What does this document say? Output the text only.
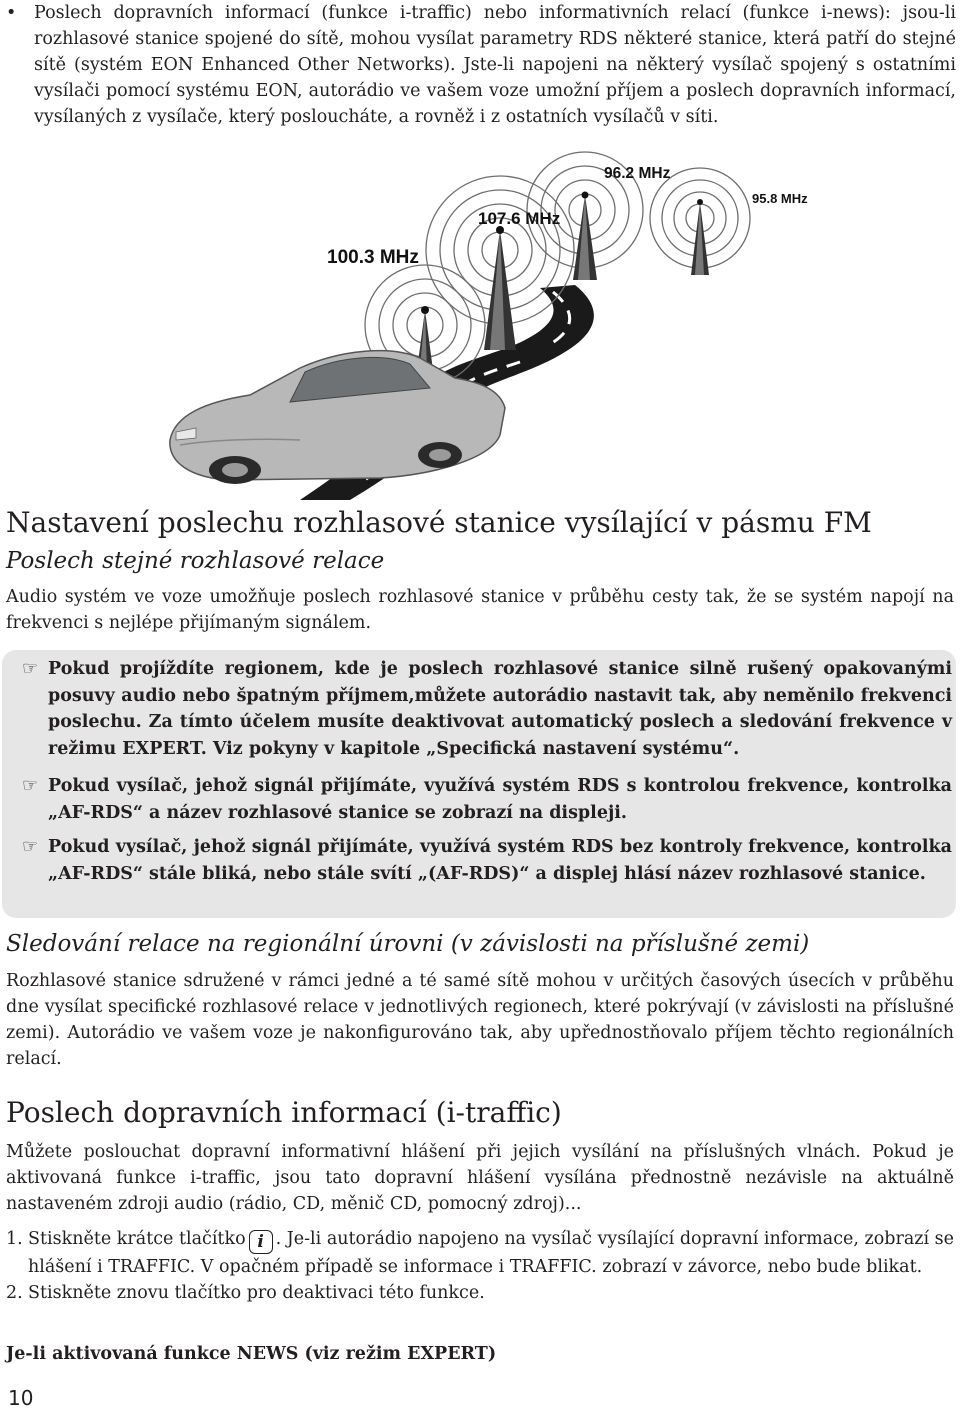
• Poslech dopravních informací (funkce i-traffic) nebo informativních relací (funkce i-news): jsou-li rozhlasové stanice spojené do sítě, mohou vysílat parametry RDS některé stanice, která patří do stejné sítě (systém EON Enhanced Other Networks). Jste-li napojeni na některý vysílač spojený s ostatními vysílači pomocí systému EON, autorádio ve vašem voze umožní příjem a poslech dopravních informací, vysílaných z vysílače, který posloucháte, a rovněž i z ostatních vysílačů v síti.

100.3 MHz
107.6 MHz
96.2 MHz
95.8 MHz
Nastavení poslechu rozhlasové stanice vysílající v pásmu FM
Poslech stejné rozhlasové relace

Audio systém ve voze umožňuje poslech rozhlasové stanice v průběhu cesty tak, že se systém napojí na frekvenci s nejlépe přijímaným signálem.

☞ Pokud projíždíte regionem, kde je poslech rozhlasové stanice silně rušený opakovanými posuvy audio nebo špatným příjmem,můžete autorádio nastavit tak, aby neměnilo frekvenci poslechu. Za tímto účelem musíte deaktivovat automatický poslech a sledování frekvence v režimu EXPERT. Viz pokyny v kapitole „Specifická nastavení systému“.

☞ Pokud vysílač, jehož signál přijímáte, využívá systém RDS s kontrolou frekvence, kontrolka „AF-RDS“ a název rozhlasové stanice se zobrazí na displeji.

☞ Pokud vysílač, jehož signál přijímáte, využívá systém RDS bez kontroly frekvence, kontrolka „AF-RDS“ stále bliká, nebo stále svítí „(AF-RDS)“ a displej hlásí název rozhlasové stanice.

Sledování relace na regionální úrovni (v závislosti na příslušné zemi)

Rozhlasové stanice sdružené v rámci jedné a té samé sítě mohou v určitých časových úsecích v průběhu dne vysílat specifické rozhlasové relace v jednotlivých regionech, které pokrývají (v závislosti na příslušné zemi). Autorádio ve vašem voze je nakonfigurováno tak, aby upřednostňovalo příjem těchto regionálních relací.

Poslech dopravních informací (i-traffic)

Můžete poslouchat dopravní informativní hlášení při jejich vysílání na příslušných vlnách. Pokud je aktivovaná funkce i-traffic, jsou tato dopravní hlášení vysílána přednostně nezávisle na aktuálně nastaveném zdroji audio (rádio, CD, měnič CD, pomocný zdroj)...

1. Stiskněte krátce tlačítko i . Je-li autorádio napojeno na vysílač vysílající dopravní informace, zobrazí se hlášení i TRAFFIC. V opačném případě se informace i TRAFFIC. zobrazí v závorce, nebo bude blikat.
2. Stiskněte znovu tlačítko pro deaktivaci této funkce.

Je-li aktivovaná funkce NEWS (viz režim EXPERT)

10
